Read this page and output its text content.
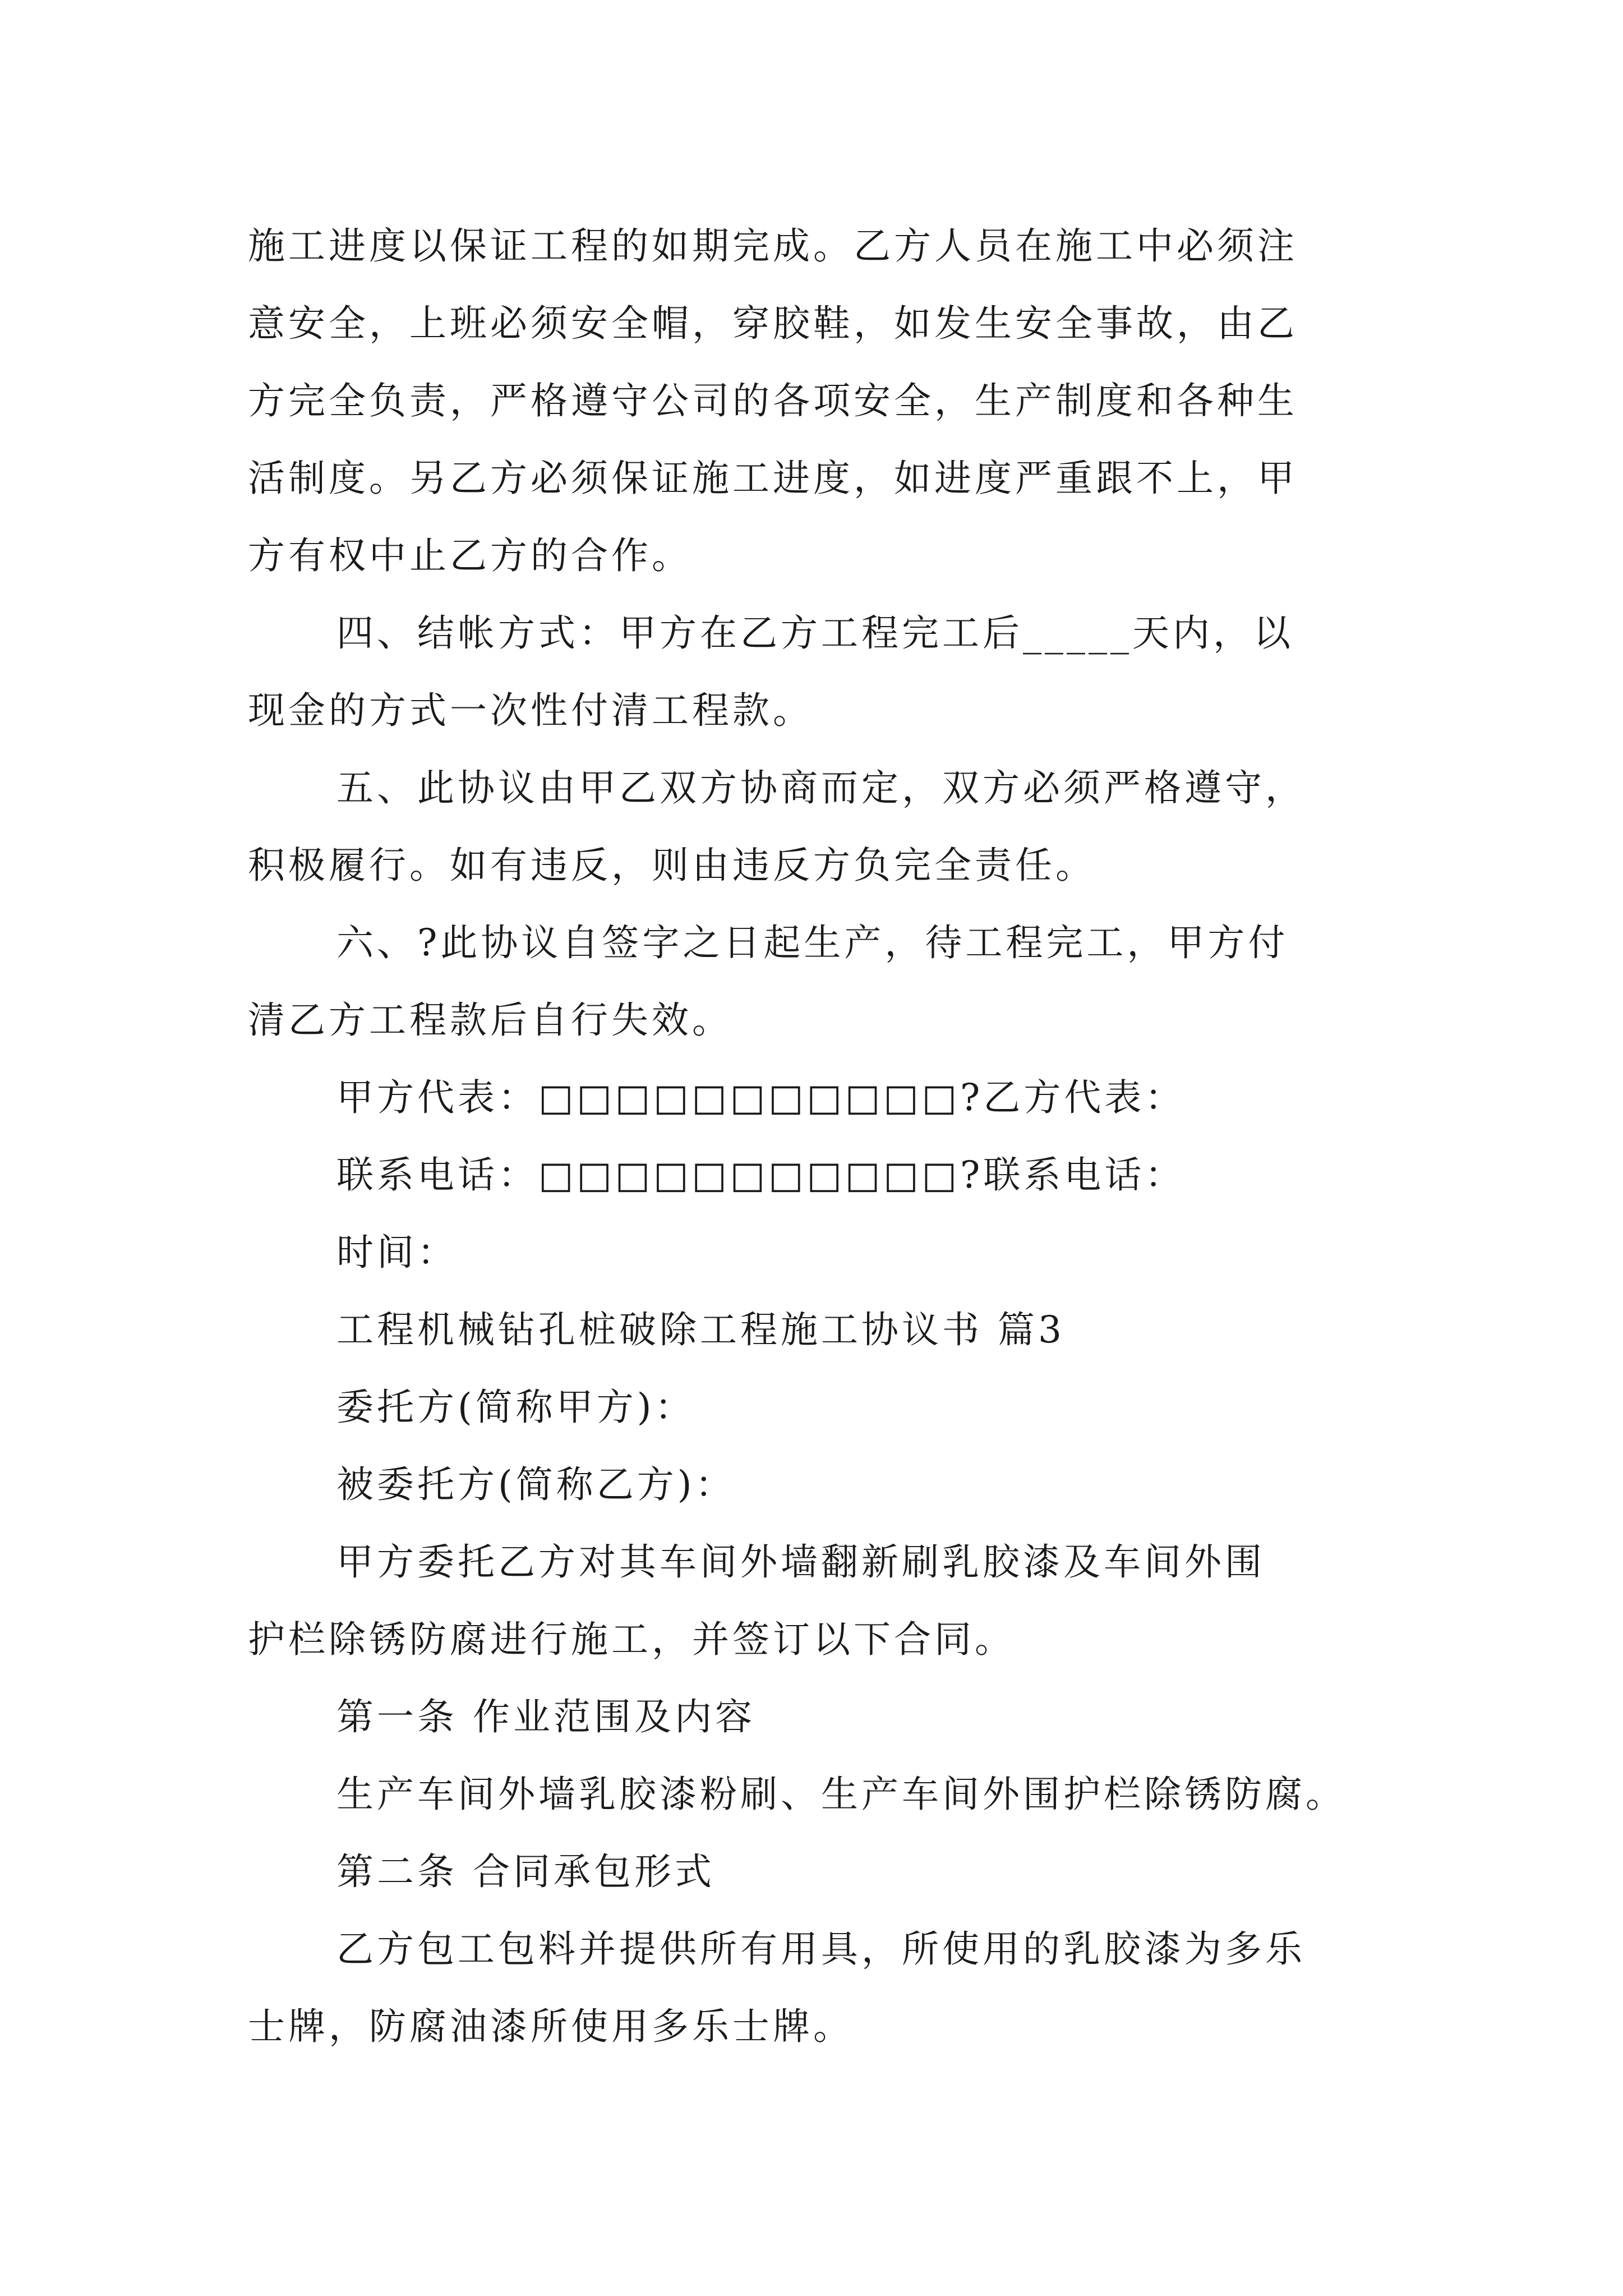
施工进度以保证工程的如期完成。乙方人员在施工中必须注
意安全，上班必须安全帽，穿胶鞋，如发生安全事故，由乙
方完全负责，严格遵守公司的各项安全，生产制度和各种生
活制度。另乙方必须保证施工进度，如进度严重跟不上，甲
方有权中止乙方的合作。
四、结帐方式：甲方在乙方工程完工后_____天内，以
现金的方式一次性付清工程款。
五、此协议由甲乙双方协商而定，双方必须严格遵守，
积极履行。如有违反，则由违反方负完全责任。
六、?此协议自签字之日起生产，待工程完工，甲方付
清乙方工程款后自行失效。
甲方代表：□□□□□□□□□□□?乙方代表：
联系电话：□□□□□□□□□□□?联系电话：
时间：
工程机械钻孔桩破除工程施工协议书 篇3
委托方(简称甲方)：
被委托方(简称乙方)：
甲方委托乙方对其车间外墙翻新刷乳胶漆及车间外围
护栏除锈防腐进行施工，并签订以下合同。
第一条 作业范围及内容
生产车间外墙乳胶漆粉刷、生产车间外围护栏除锈防腐。
第二条 合同承包形式
乙方包工包料并提供所有用具，所使用的乳胶漆为多乐
士牌，防腐油漆所使用多乐士牌。
